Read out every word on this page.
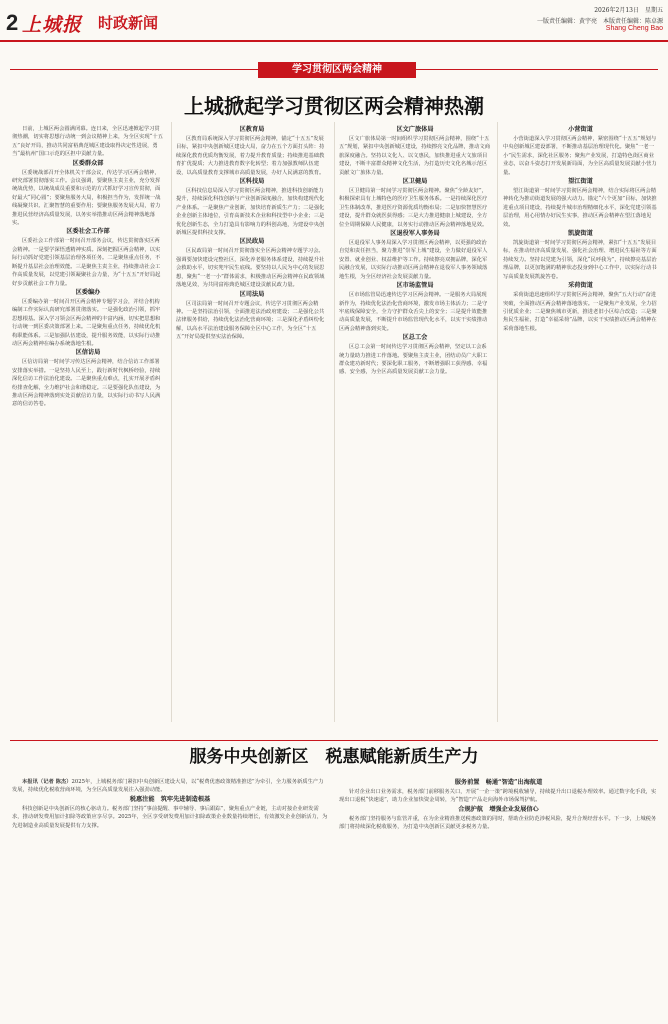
2 上城报 时政新闻
2026年2月13日　 星期五
一版责任编辑：黄宇亮　本版责任编辑：陈卓源
Shang Cheng Bao
学习贯彻区两会精神
上城掀起学习贯彻区两会精神热潮
日前，上城区两会圆满闭幕。连日来，全区迅速掀起学习贯彻热潮，切实将思想行动统一到会议精神上来，为全区实现“十五五”良好开局，推动共同富裕典范城区建设取得决定性进展，勇当“最杭州”国口示范的区担中贡献力量。
区委群众部
区委统战部召开全体机关干部会议，传达学习区两会精神，研究部署贯彻落实工作。会议强调，要聚焦主责主业，充分发挥统战优势，以统战成员重要和示范的方式抓好学习宣传贯彻，面好最大“同心圆”；要聚焦服务大局，积极担当作为，发挥统一战线凝聚共识、汇聚智慧的重要作用；要聚焦服务发展大局，着力推进民营经济高质量发展，以务实举措推动区两会精神落地落实。
区委社会工作部
区委社会工作部第一时间召开部务会议，传达贯彻落实区两会精神。一是要学深悟透精神实质。深刻把握区两会精神，以实际行动抓好党建引领基层治理各项任务。二是聚焦重点任务，不断提升基层社会治理效能。三是聚焦主责主业，持续推动社会工作高质量发展，以党建引领凝聚社会力量，为“十五五”开好局起好步贡献社会工作力量。
区委编办
区委编办第一时间召开区两会精神专题学习会，并结合机构编制工作实际认真研究部署贯彻落实。一是强化政治引领，抓牢思想根基。深入学习领会区两会精神的丰富内涵，切实把思想和行动统一到区委决策部署上来。二是聚焦重点任务，持续优化机构职能体系。三是加强队伍建设，提升服务效能，以实际行动推动区两会精神在编办系统落地生根。
区信访局
区信访局第一时间学习传达区两会精神，结合信访工作部署安排落实举措。一是坚持人民至上，践行新时代枫桥经验，持续深化信访工作法治化建设。二是聚焦重点难点，扎实开展矛盾纠纷排查化解，全力维护社会和谐稳定。三是要强化队伍建设，为推动区两会精神落到实处贡献信访力量，以实际行动书写人民满意的信访答卷。
区教育局
区教育局系统深入学习贯彻区两会精神，锚定“十五五”发展目标，紧扣中央创新城区建设大局，奋力在五个方面打头阵：持续深化教育优质均衡发展，着力提升教育质量；持续推进基础教育扩优提质；大力推进教育数字化转型；着力加强教师队伍建设，以高质量教育支撑城市高质量发展，办好人民满意的教育。
区科技局
区科技信息局深入学习贯彻区两会精神，推进科技创新能力提升，持续深化科技创新与产业创新深度融合，加快构建现代化产业体系。一是聚焦产业创新，加快培育新质生产力；二是强化企业创新主体地位，引育高新技术企业和科技型中小企业；三是优化创新生态，全力打造具有影响力的科创高地，为建设中央创新城区提供科技支撑。
区民政局
区民政局第一时间召开贯彻落实全区两会精神专题学习会。强调要加快建设完整社区，深化养老服务体系建设，持续提升社会救助水平，切实兜牢民生底线。要坚持以人民为中心的发展思想，聚焦“一老一小”群体需求，积极推动区两会精神在民政领域落地见效，为共同富裕典范城区建设贡献民政力量。
区司法局
区司法局第一时间召开专题会议，传达学习贯彻区两会精神。一是坚持法治引领，全面推进法治政府建设；二是强化公共法律服务供给，持续优化法治化营商环境；三是深化矛盾纠纷化解，以高水平法治建设服务保障全区中心工作，为全区“十五五”开好局提供坚实法治保障。
区文广旅体局
区文广旅体局第一时间组织学习贯彻区两会精神，围绕“十五五”规划，紧扣中央创新城区建设，持续擦亮文化品牌，推动文商旅深度融合。坚持以文化人、以文惠民，加快推进重大文旅项目建设，不断丰富群众精神文化生活，为打造历史文化名城示范区贡献文广旅体力量。
区卫健局
区卫健局第一时间学习贯彻区两会精神。聚焦“全龄友好”，积极探索具有上城特色的医疗卫生服务体系。一是持续深化医疗卫生体制改革，推进医疗资源优质均衡布局；二是加快智慧医疗建设，提升群众就医获得感；三是大力推进健康上城建设，全方位全周期保障人民健康，以务实行动推动区两会精神落地见效。
区退役军人事务局
区退役军人事务局深入学习贯彻区两会精神，以更强的政治自觉和责任担当，聚力推进“崇军上城”建设，全力做好退役军人安置、就业创业、权益维护等工作。持续擦亮双拥品牌，深化军民融合发展，以实际行动推动区两会精神在退役军人事务领域落地生根，为全区经济社会发展贡献力量。
区市场监管局
区市场监管局迅速传达学习区两会精神。一是服务大局展现新作为，持续优化法治化营商环境，激发市场主体活力；二是守牢底线保障安全，全力守护群众舌尖上的安全；三是提升效能推动高质量发展，不断提升市场监管现代化水平，以实干实绩推动区两会精神落到实处。
区总工会
区总工会第一时间传达学习贯彻区两会精神，坚定以工会系统力量助力推进工作落地。要聚焦主责主业，团结动员广大职工群众建功新时代；要深化职工服务，不断增强职工获得感、幸福感、安全感，为全区高质量发展贡献工会力量。
小营街道
小营街道深入学习贯彻区两会精神，紧密围绕“十五五”规划与中央创新城区建设部署，不断推动基层治理现代化。聚焦“一老一小”民生需求，深化社区服务；聚焦产业发展，打造特色街区商业业态，以奋斗姿态打开发展新局面，为全区高质量发展贡献小营力量。
望江街道
望江街道第一时间学习贯彻区两会精神，结合实际将区两会精神转化为推动街道发展的强大动力。锚定“六个更加”目标，加快推进重点项目建设，持续提升城市治理精细化水平，深化党建引领基层治理，用心用情办好民生实事，推动区两会精神在望江落地见效。
凯旋街道
凯旋街道第一时间学习贯彻区两会精神，紧扣“十五五”发展目标，在推动经济高质量发展、强化社会治理、增进民生福祉等方面持续发力。坚持以党建为引领，深化“民呼我为”，持续擦亮基层治理品牌，以更加饱满的精神状态投身到中心工作中，以实际行动书写高质量发展凯旋答卷。
采荷街道
采荷街道迅速组织学习贯彻区两会精神，聚焦“五大行动”奋进突破，全面推动区两会精神落地落实。一是聚焦产业发展，全力招引优质企业；二是聚焦城市更新，推进老旧小区综合改造；三是聚焦民生福祉，打造“幸福采荷”品牌，以实干实绩推动区两会精神在采荷落地生根。
服务中央创新区　税惠赋能新质生产力
本报讯（记者 陈杰）2025年，上城税务部门紧扣中央创新区建设大局，以“税费优惠政策精准推送”为牵引，全力服务新质生产力发展，持续优化税收营商环境，为全区高质量发展注入强劲动能。
税惠注能　筑牢先进制造根基
科技创新是中央创新区的核心驱动力。税务部门坚持“事前提醒、事中辅导、事后跟踪”，聚焦重点产业链，主动对接企业研发需求，推动研发费用加计扣除等政策应享尽享。2025年，全区享受研发费用加计扣除政策企业数量持续增长，有效激发企业创新活力，为先进制造业高质量发展提供有力支撑。
服务前置　畅通“智造”出海航道
针对企业出口业务需求，税务部门前移服务关口，开展“一企一策”跨境税收辅导，持续提升出口退税办理效率。通过数字化手段，实现出口退税“快速退”，助力企业加快资金周转，为“智造”产品走向海外市场保驾护航。
合规护航　增强企业发展信心
税务部门坚持服务与监管并重，在为企业精准推送税惠政策的同时，帮助企业防范涉税风险，提升合规经营水平。下一步，上城税务部门将持续深化税收服务，为打造中央创新区贡献更多税务力量。
